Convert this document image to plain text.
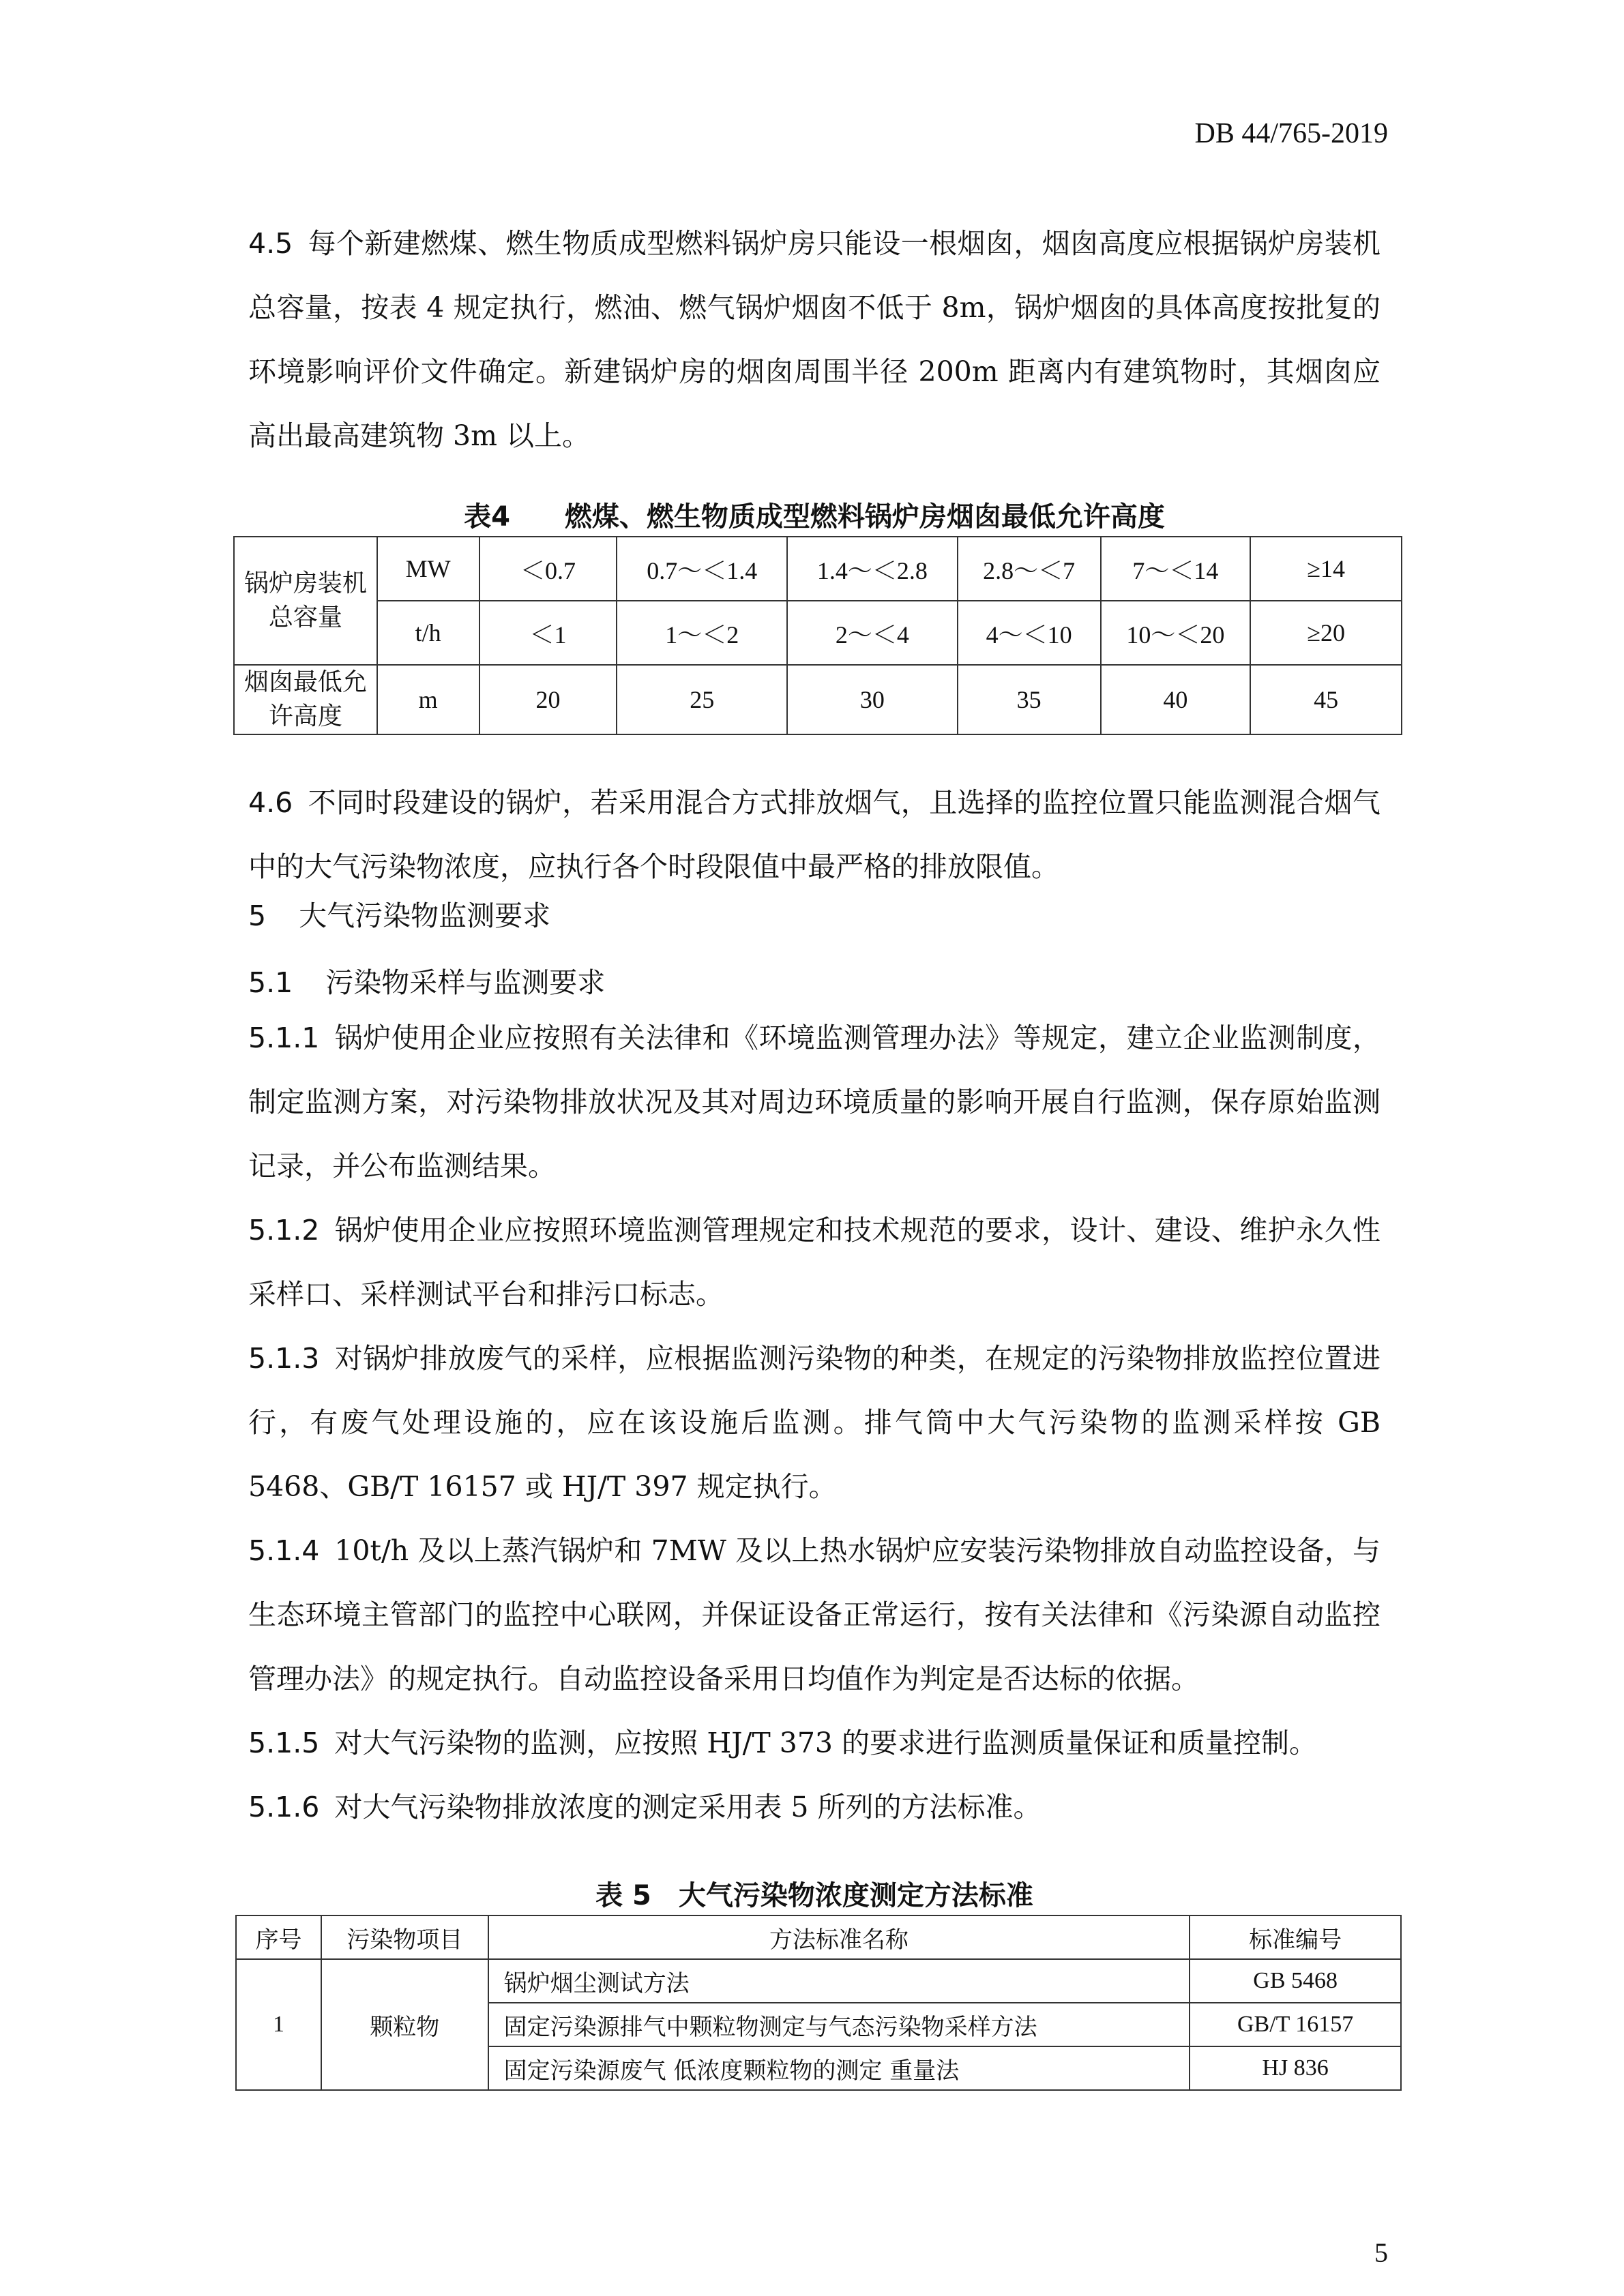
DB 44/765-2019
4.5 每个新建燃煤、燃生物质成型燃料锅炉房只能设一根烟囱，烟囱高度应根据锅炉房装机总容量，按表 4 规定执行，燃油、燃气锅炉烟囱不低于 8m，锅炉烟囱的具体高度按批复的环境影响评价文件确定。新建锅炉房的烟囱周围半径 200m 距离内有建筑物时，其烟囱应高出最高建筑物 3m 以上。
表4　　燃煤、燃生物质成型燃料锅炉房烟囱最低允许高度
锅炉房装机总容量	MW	＜0.7	0.7～＜1.4	1.4～＜2.8	2.8～＜7	7～＜14	≥14
	t/h	＜1	1～＜2	2～＜4	4～＜10	10～＜20	≥20
烟囱最低允许高度	m	20	25	30	35	40	45
4.6 不同时段建设的锅炉，若采用混合方式排放烟气，且选择的监控位置只能监测混合烟气中的大气污染物浓度，应执行各个时段限值中最严格的排放限值。
5 大气污染物监测要求
5.1 污染物采样与监测要求
5.1.1 锅炉使用企业应按照有关法律和《环境监测管理办法》等规定，建立企业监测制度，制定监测方案，对污染物排放状况及其对周边环境质量的影响开展自行监测，保存原始监测记录，并公布监测结果。
5.1.2 锅炉使用企业应按照环境监测管理规定和技术规范的要求，设计、建设、维护永久性采样口、采样测试平台和排污口标志。
5.1.3 对锅炉排放废气的采样，应根据监测污染物的种类，在规定的污染物排放监控位置进行，有废气处理设施的，应在该设施后监测。排气筒中大气污染物的监测采样按 GB 5468、GB/T 16157 或 HJ/T 397 规定执行。
5.1.4 10t/h 及以上蒸汽锅炉和 7MW 及以上热水锅炉应安装污染物排放自动监控设备，与生态环境主管部门的监控中心联网，并保证设备正常运行，按有关法律和《污染源自动监控管理办法》的规定执行。自动监控设备采用日均值作为判定是否达标的依据。
5.1.5 对大气污染物的监测，应按照 HJ/T 373 的要求进行监测质量保证和质量控制。
5.1.6 对大气污染物排放浓度的测定采用表 5 所列的方法标准。
表 5　大气污染物浓度测定方法标准
序号	污染物项目	方法标准名称	标准编号
1	颗粒物	锅炉烟尘测试方法	GB 5468
		固定污染源排气中颗粒物测定与气态污染物采样方法	GB/T 16157
		固定污染源废气 低浓度颗粒物的测定 重量法	HJ 836
5
